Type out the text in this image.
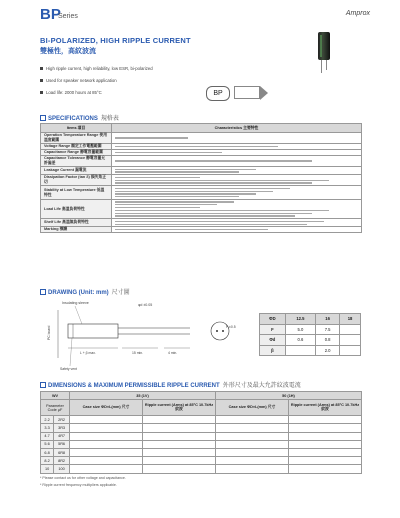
BP
Series	Amprox
BI-POLARIZED, HIGH RIPPLE CURRENT
雙極性，高紋波流
High ripple current, high reliability, low ESR, bi-polarized
Used for speaker network application
Load life: 2000 hours at 85°C	BP
SPECIFICATIONS 規格表
Items 項目	Characteristics 主要特性
Operation Temperature Range 使用溫度範圍	

Voltage Range 額定工作電壓範圍	

Capacitance Range 靜電容量範圍	

Capacitance Tolerance 靜電容量允許偏差	

Leakage Current 漏電流	

Dissipation Factor (tan δ) 損失角正切	

Stability at Low Temperature 低溫特性	

Load Life 高溫負荷特性	

Shelf Life 高溫無負荷特性	

Marking 標識	
DRAWING (Unit: mm) 尺寸圖
Insulating sleeve	φd ±0.05
L + β max.	15 min.	4 min.
PC board
Safety vent
F ±0.5
ΦD	12.5	16	18
F	5.0	7.5	
Φd	0.6	0.8	
β		2.0	
DIMENSIONS & MAXIMUM PERMISSIBLE RIPPLE CURRENT 外形尺寸及最大允許紋波電流
WV		35 (1V)		50 (1H)	
Parameter
Code μF		Case size ΦD×L(mm) 尺寸	Ripple current (Arms) at 85°C 10.7kHz 紋波	Case size ΦD×L(mm) 尺寸	Ripple current (Arms) at 85°C 10.7kHz 紋波
2.2	2R2				
3.3	3R3				
4.7	4R7				
5.6	5R6				
6.8	6R8				
8.2	8R2				
10	100				
* Please contact us for other voltage and capacitance.
* Ripple current frequency multipliers applicable.
